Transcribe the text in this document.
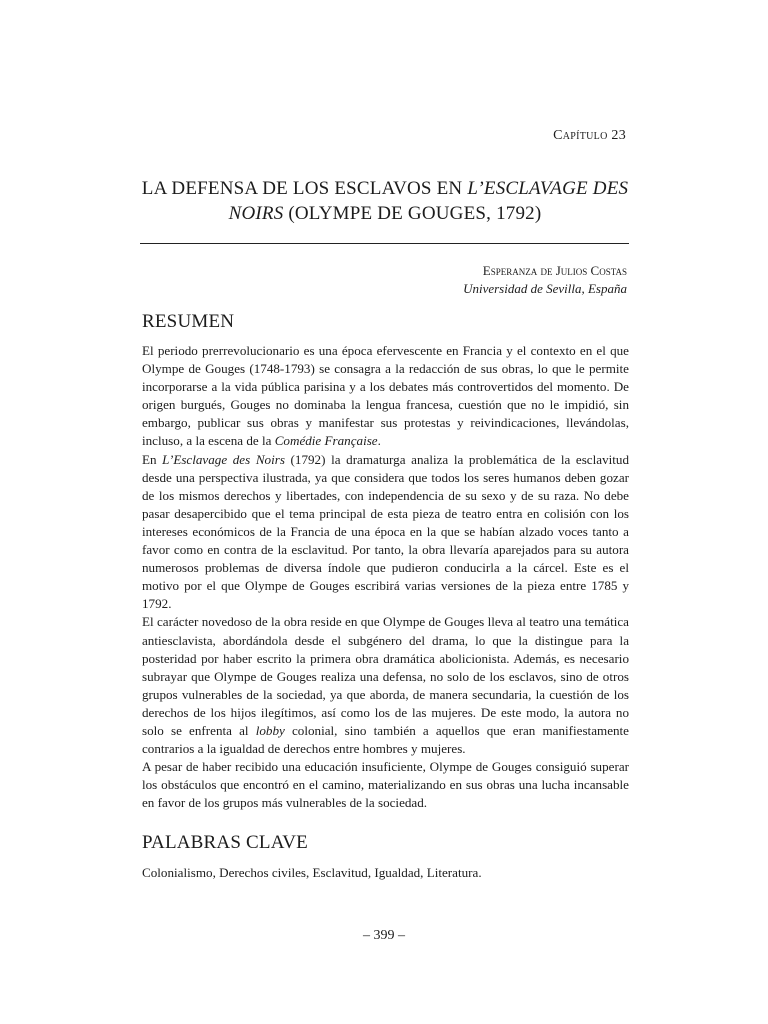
Capítulo 23
LA DEFENSA DE LOS ESCLAVOS EN L’ESCLAVAGE DES NOIRS (OLYMPE DE GOUGES, 1792)
Esperanza de Julios Costas
Universidad de Sevilla, España
RESUMEN

El periodo prerrevolucionario es una época efervescente en Francia y el contexto en el que Olympe de Gouges (1748-1793) se consagra a la redacción de sus obras, lo que le permite incorporarse a la vida pública parisina y a los debates más controvertidos del momento. De origen burgués, Gouges no dominaba la lengua francesa, cuestión que no le impidió, sin embargo, publicar sus obras y manifestar sus protestas y reivindicaciones, llevándolas, incluso, a la escena de la Comédie Française.

En L’Esclavage des Noirs (1792) la dramaturga analiza la problemática de la esclavitud desde una perspectiva ilustrada, ya que considera que todos los seres humanos deben gozar de los mismos derechos y libertades, con independencia de su sexo y de su raza. No debe pasar desapercibido que el tema principal de esta pieza de teatro entra en colisión con los intereses económicos de la Francia de una época en la que se habían alzado voces tanto a favor como en contra de la esclavitud. Por tanto, la obra llevaría aparejados para su autora numerosos problemas de diversa índole que pudieron conducirla a la cárcel. Este es el motivo por el que Olympe de Gouges escribirá varias versiones de la pieza entre 1785 y 1792.

El carácter novedoso de la obra reside en que Olympe de Gouges lleva al teatro una temática antiesclavista, abordándola desde el subgénero del drama, lo que la distingue para la posteridad por haber escrito la primera obra dramática abolicionista. Además, es necesario subrayar que Olympe de Gouges realiza una defensa, no solo de los esclavos, sino de otros grupos vulnerables de la sociedad, ya que aborda, de manera secundaria, la cuestión de los derechos de los hijos ilegítimos, así como los de las mujeres. De este modo, la autora no solo se enfrenta al lobby colonial, sino también a aquellos que eran manifiestamente contrarios a la igualdad de derechos entre hombres y mujeres.

A pesar de haber recibido una educación insuficiente, Olympe de Gouges consiguió superar los obstáculos que encontró en el camino, materializando en sus obras una lucha incansable en favor de los grupos más vulnerables de la sociedad.

PALABRAS CLAVE
Colonialismo, Derechos civiles, Esclavitud, Igualdad, Literatura.
– 399 –
